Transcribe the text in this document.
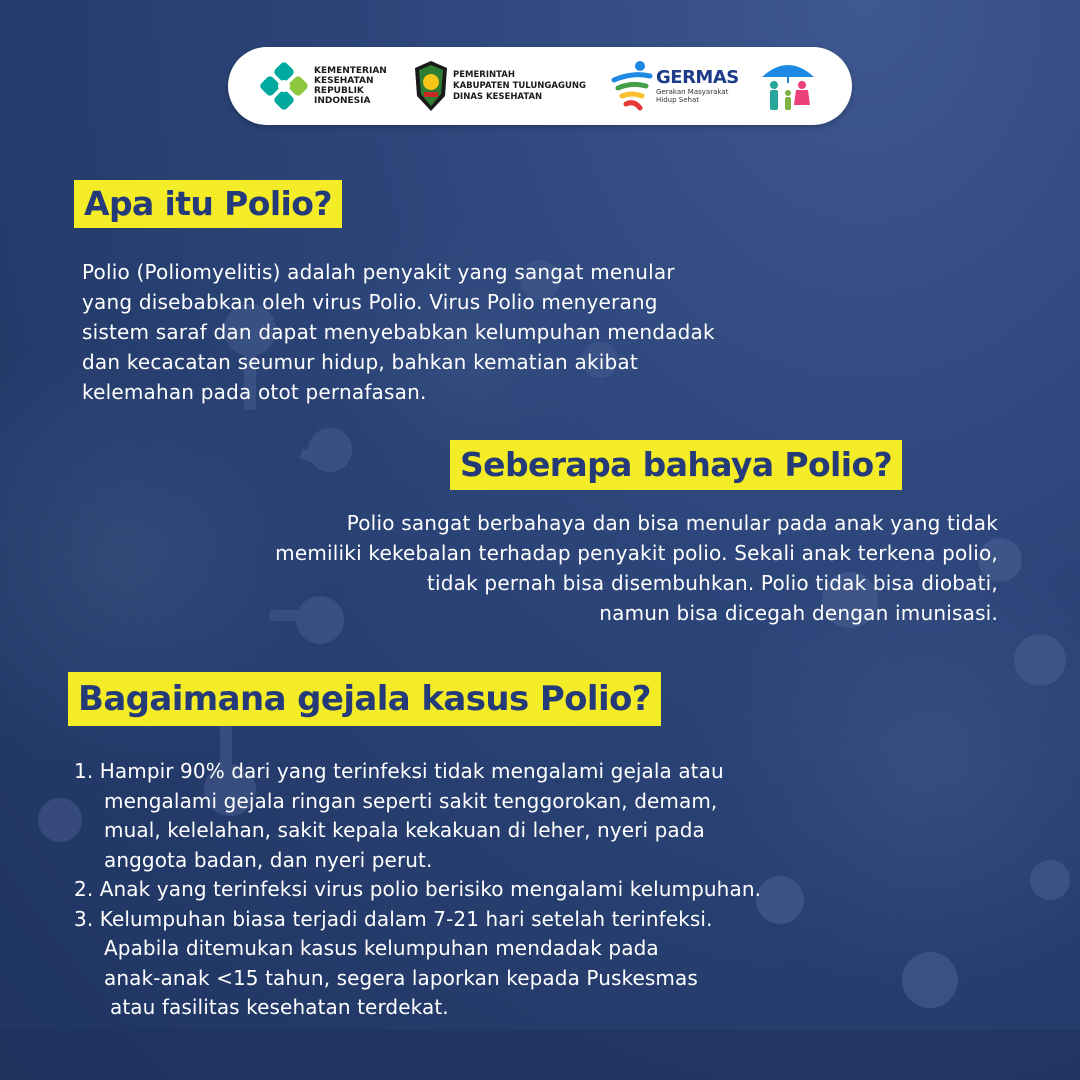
KEMENTERIAN
KESEHATAN
REPUBLIK
INDONESIA
PEMERINTAH
KABUPATEN TULUNGAGUNG
DINAS KESEHATAN
GERMAS
Gerakan Masyarakat
Hidup Sehat
Apa itu Polio?
Polio (Poliomyelitis) adalah penyakit yang sangat menular
yang disebabkan oleh virus Polio. Virus Polio menyerang
sistem saraf dan dapat menyebabkan kelumpuhan mendadak
dan kecacatan seumur hidup, bahkan kematian akibat
kelemahan pada otot pernafasan.
Seberapa bahaya Polio?
Polio sangat berbahaya dan bisa menular pada anak yang tidak
memiliki kekebalan terhadap penyakit polio. Sekali anak terkena polio,
tidak pernah bisa disembuhkan. Polio tidak bisa diobati,
namun bisa dicegah dengan imunisasi.
Bagaimana gejala kasus Polio?
1. Hampir 90% dari yang terinfeksi tidak mengalami gejala atau
mengalami gejala ringan seperti sakit tenggorokan, demam,
mual, kelelahan, sakit kepala kekakuan di leher, nyeri pada
anggota badan, dan nyeri perut.
2. Anak yang terinfeksi virus polio berisiko mengalami kelumpuhan.
3. Kelumpuhan biasa terjadi dalam 7-21 hari setelah terinfeksi.
Apabila ditemukan kasus kelumpuhan mendadak pada
anak-anak <15 tahun, segera laporkan kepada Puskesmas
atau fasilitas kesehatan terdekat.
